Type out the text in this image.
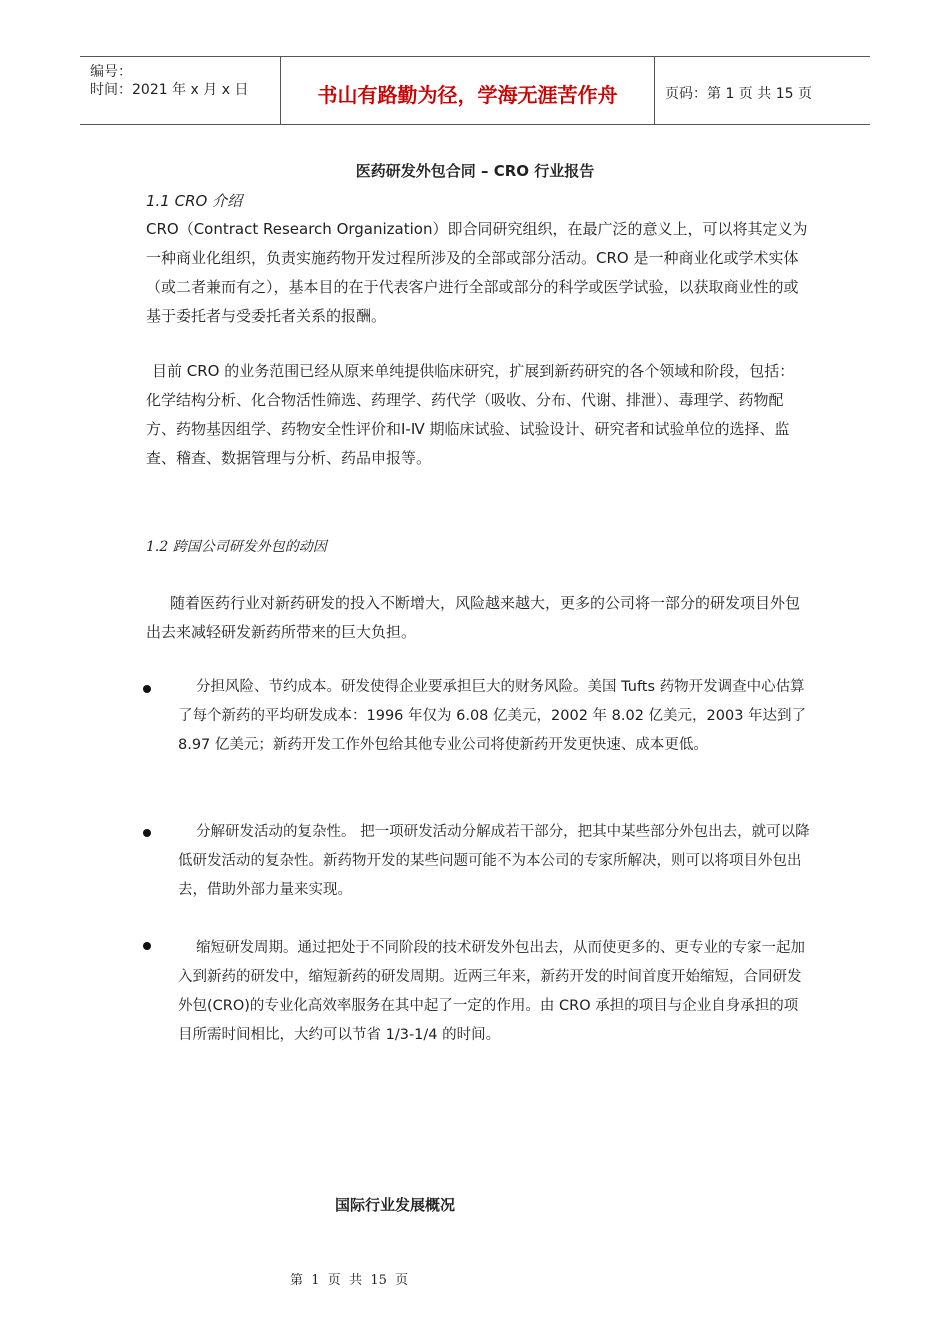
编号：
时间：2021 年 x 月 x 日	书山有路勤为径，学海无涯苦作舟	页码：第 1 页 共 15 页
医药研发外包合同 – CRO 行业报告
1.1 CRO 介绍

CRO（Contract Research Organization）即合同研究组织，在最广泛的意义上，可以将其定义为一种商业化组织，负责实施药物开发过程所涉及的全部或部分活动。CRO 是一种商业化或学术实体（或二者兼而有之），基本目的在于代表客户进行全部或部分的科学或医学试验，以获取商业性的或基于委托者与受委托者关系的报酬。

目前 CRO 的业务范围已经从原来单纯提供临床研究，扩展到新药研究的各个领域和阶段，包括：化学结构分析、化合物活性筛选、药理学、药代学（吸收、分布、代谢、排泄）、毒理学、药物配方、药物基因组学、药物安全性评价和Ⅰ-Ⅳ 期临床试验、试验设计、研究者和试验单位的选择、监查、稽查、数据管理与分析、药品申报等。

1.2 跨国公司研发外包的动因

随着医药行业对新药研发的投入不断增大，风险越来越大，更多的公司将一部分的研发项目外包出去来减轻研发新药所带来的巨大负担。

分担风险、节约成本。研发使得企业要承担巨大的财务风险。美国 Tufts 药物开发调查中心估算了每个新药的平均研发成本：1996 年仅为 6.08 亿美元，2002 年 8.02 亿美元，2003 年达到了 8.97 亿美元；新药开发工作外包给其他专业公司将使新药开发更快速、成本更低。

分解研发活动的复杂性。 把一项研发活动分解成若干部分，把其中某些部分外包出去，就可以降低研发活动的复杂性。新药物开发的某些问题可能不为本公司的专家所解决，则可以将项目外包出去，借助外部力量来实现。

缩短研发周期。通过把处于不同阶段的技术研发外包出去，从而使更多的、更专业的专家一起加入到新药的研发中，缩短新药的研发周期。近两三年来，新药开发的时间首度开始缩短，合同研发外包(CRO)的专业化高效率服务在其中起了一定的作用。由 CRO 承担的项目与企业自身承担的项目所需时间相比，大约可以节省 1/3-1/4 的时间。

国际行业发展概况
第  1  页  共  15  页
